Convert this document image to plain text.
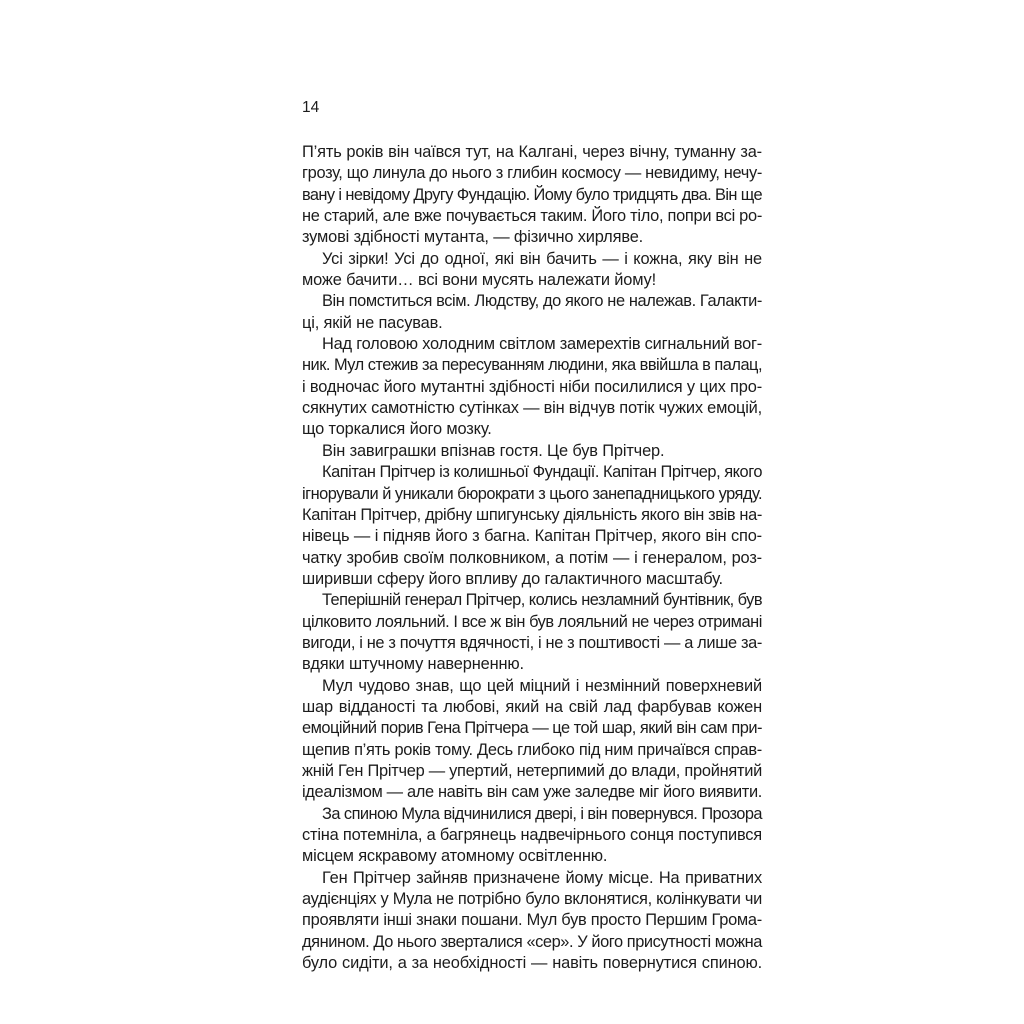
14
П’ять років він чаївся тут, на Калгані, через вічну, туманну за-
грозу, що линула до нього з глибин космосу — невидиму, нечу-
вану і невідому Другу Фундацію. Йому було тридцять два. Він ще
не старий, але вже почувається таким. Його тіло, попри всі ро-
зумові здібності мутанта, — фізично хирляве.
Усі зірки! Усі до одної, які він бачить — і кожна, яку він не
може бачити… всі вони мусять належати йому!
Він помститься всім. Людству, до якого не належав. Галакти-
ці, якій не пасував.
Над головою холодним світлом замерехтів сигнальний вог-
ник. Мул стежив за пересуванням людини, яка ввійшла в палац,
і водночас його мутантні здібності ніби посилилися у цих про-
сякнутих самотністю сутінках — він відчув потік чужих емоцій,
що торкалися його мозку.
Він завиграшки впізнав гостя. Це був Прітчер.
Капітан Прітчер із колишньої Фундації. Капітан Прітчер, якого
ігнорували й уникали бюрократи з цього занепадницького уряду.
Капітан Прітчер, дрібну шпигунську діяльність якого він звів на-
нівець — і підняв його з багна. Капітан Прітчер, якого він спо-
чатку зробив своїм полковником, а потім — і генералом, роз-
ширивши сферу його впливу до галактичного масштабу.
Теперішній генерал Прітчер, колись незламний бунтівник, був
цілковито лояльний. І все ж він був лояльний не через отримані
вигоди, і не з почуття вдячності, і не з поштивості — а лише за-
вдяки штучному наверненню.
Мул чудово знав, що цей міцний і незмінний поверхневий
шар відданості та любові, який на свій лад фарбував кожен
емоційний порив Гена Прітчера — це той шар, який він сам при-
щепив п’ять років тому. Десь глибоко під ним причаївся справ-
жній Ген Прітчер — упертий, нетерпимий до влади, пройнятий
ідеалізмом — але навіть він сам уже заледве міг його виявити.
За спиною Мула відчинилися двері, і він повернувся. Прозора
стіна потемніла, а багрянець надвечірнього сонця поступився
місцем яскравому атомному освітленню.
Ген Прітчер зайняв призначене йому місце. На приватних
аудієнціях у Мула не потрібно було вклонятися, колінкувати чи
проявляти інші знаки пошани. Мул був просто Першим Грома-
дянином. До нього зверталися «сер». У його присутності можна
було сидіти, а за необхідності — навіть повернутися спиною.
